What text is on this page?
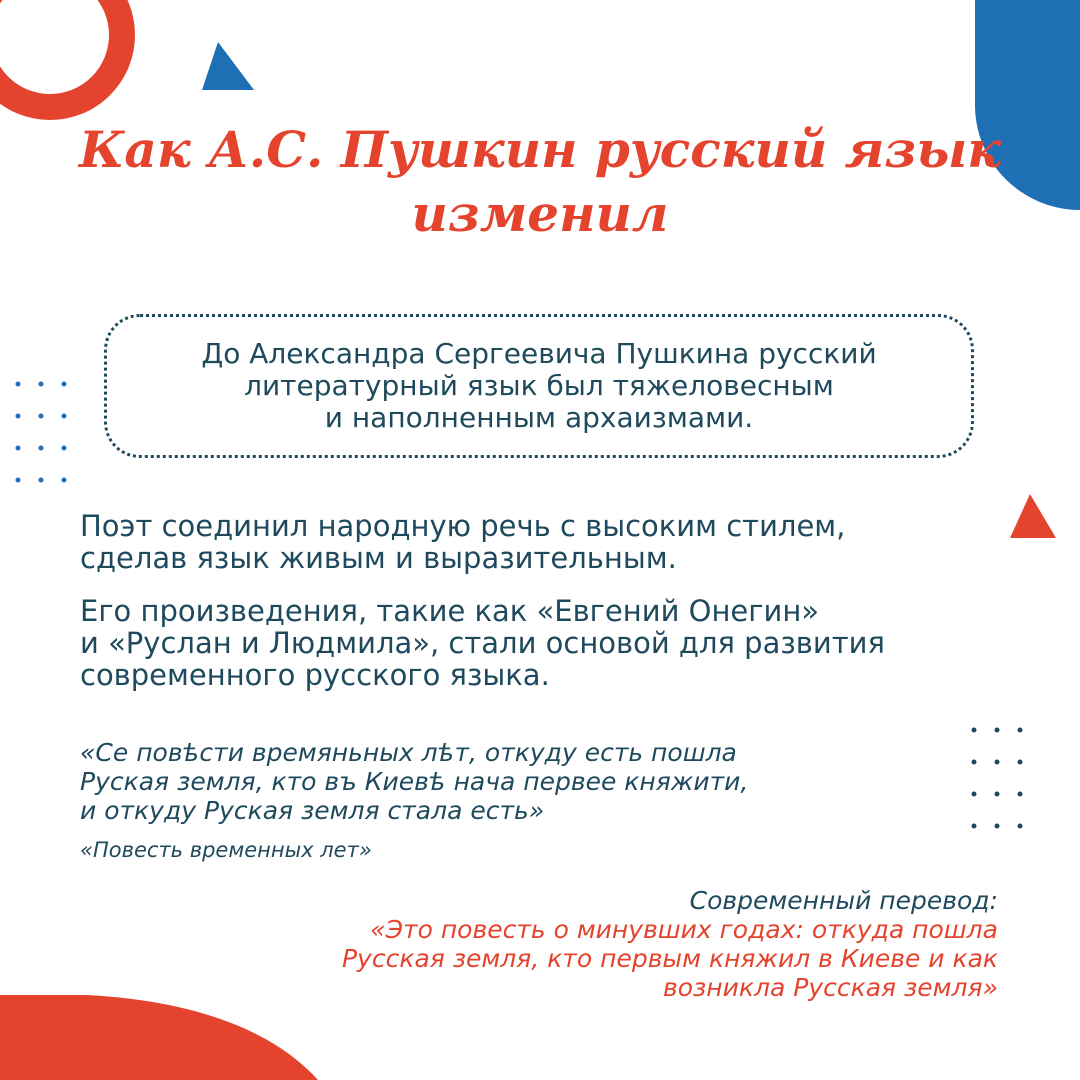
Как А.С. Пушкин русский язык
изменил
До Александра Сергеевича Пушкина русский
литературный язык был тяжеловесным
и наполненным архаизмами.
Поэт соединил народную речь с высоким стилем,
сделав язык живым и выразительным.
Его произведения, такие как «Евгений Онегин»
и «Руслан и Людмила», стали основой для развития
современного русского языка.
«Се повѣсти времяньных лѣт, откуду есть пошла
Руская земля, кто въ Киевѣ нача первее княжити,
и откуду Руская земля стала есть»
«Повесть временных лет»
Современный перевод:
«Это повесть о минувших годах: откуда пошла
Русская земля, кто первым княжил в Киеве и как
возникла Русская земля»
